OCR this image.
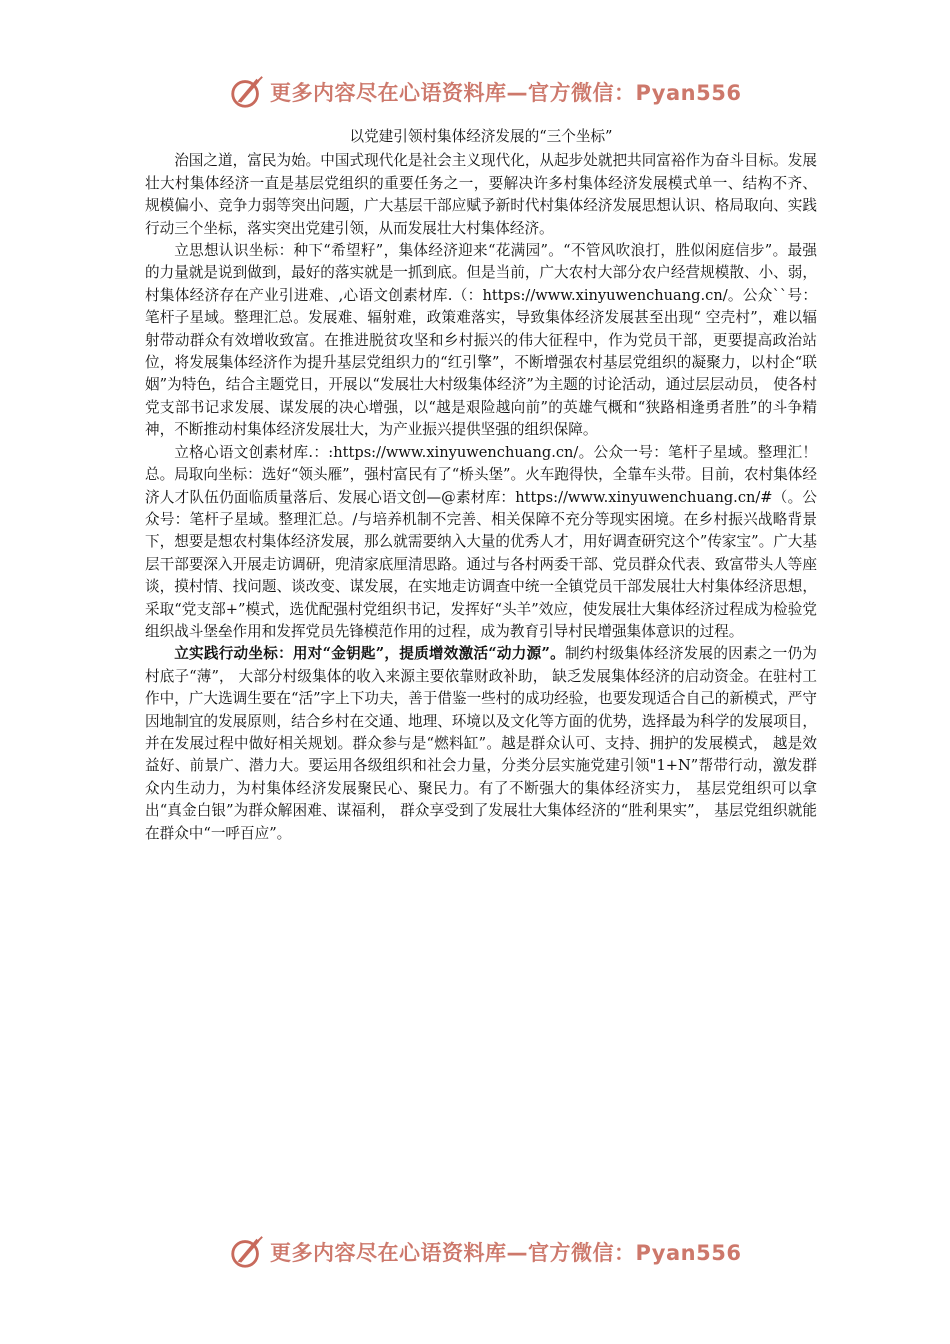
更多内容尽在心语资料库—官方微信：Pyan556

以党建引领村集体经济发展的“三个坐标”

治国之道，富民为始。中国式现代化是社会主义现代化，从起步处就把共同富裕作为奋斗目标。发展壮大村集体经济一直是基层党组织的重要任务之一，要解决许多村集体经济发展模式单一、结构不齐、 规模偏小、竞争力弱等突出问题，广大基层干部应赋予新时代村集体经济发展思想认识、格局取向、实践行动三个坐标，落实突出党建引领，从而发展壮大村集体经济。

立思想认识坐标：种下“希望籽”，集体经济迎来“花满园”。“不管风吹浪打，胜似闲庭信步”。最强的力量就是说到做到，最好的落实就是一抓到底。但是当前，广大农村大部分农户经营规模散、小、弱，村集体经济存在产业引进难、,心语文创素材库.（：https://www.xinyuwenchuang.cn/。公众``号：笔杆子星域。整理汇总。发展难、辐射难，政策难落实，导致集体经济发展甚至出现“ 空壳村”，难以辐射带动群众有效增收致富。在推进脱贫攻坚和乡村振兴的伟大征程中，作为党员干部，更要提高政治站位，将发展集体经济作为提升基层党组织力的“红引擎”，不断增强农村基层党组织的凝聚力，以村企“联姻”为特色，结合主题党日，开展以“发展壮大村级集体经济”为主题的讨论活动，通过层层动员， 使各村党支部书记求发展、谋发展的决心增强，以“越是艰险越向前”的英雄气概和“狭路相逢勇者胜”的斗争精神，不断推动村集体经济发展壮大，为产业振兴提供坚强的组织保障。

立格心语文创素材库.：:https://www.xinyuwenchuang.cn/。公众一号：笔杆子星域。整理汇！总。局取向坐标：选好“领头雁”，强村富民有了“桥头堡”。火车跑得快，全靠车头带。目前，农村集体经济人才队伍仍面临质量落后、发展心语文创—@素材库：https://www.xinyuwenchuang.cn/#（。公众号：笔杆子星域。整理汇总。/与培养机制不完善、相关保障不充分等现实困境。在乡村振兴战略背景下，想要是想农村集体经济发展，那么就需要纳入大量的优秀人才，用好调查研究这个”传家宝”。广大基层干部要深入开展走访调研，兜清家底厘清思路。通过与各村两委干部、党员群众代表、致富带头人等座谈，摸村情、找问题、谈改变、谋发展，在实地走访调查中统一全镇党员干部发展壮大村集体经济思想，采取“党支部+”模式，选优配强村党组织书记，发挥好“头羊”效应，使发展壮大集体经济过程成为检验党组织战斗堡垒作用和发挥党员先锋模范作用的过程，成为教育引导村民增强集体意识的过程。

立实践行动坐标：用对“金钥匙”，提质增效激活“动力源”。制约村级集体经济发展的因素之一仍为村底子“薄”， 大部分村级集体的收入来源主要依靠财政补助， 缺乏发展集体经济的启动资金。在驻村工作中，广大选调生要在“活”字上下功夫，善于借鉴一些村的成功经验，也要发现适合自己的新模式，严守因地制宜的发展原则，结合乡村在交通、地理、环境以及文化等方面的优势，选择最为科学的发展项目，并在发展过程中做好相关规划。群众参与是“燃料缸”。越是群众认可、支持、拥护的发展模式， 越是效益好、前景广、潜力大。要运用各级组织和社会力量，分类分层实施党建引领"1+N”帮带行动，激发群众内生动力，为村集体经济发展聚民心、聚民力。有了不断强大的集体经济实力， 基层党组织可以拿出“真金白银”为群众解困难、谋福利， 群众享受到了发展壮大集体经济的“胜利果实”， 基层党组织就能在群众中“一呼百应”。

更多内容尽在心语资料库—官方微信：Pyan556
